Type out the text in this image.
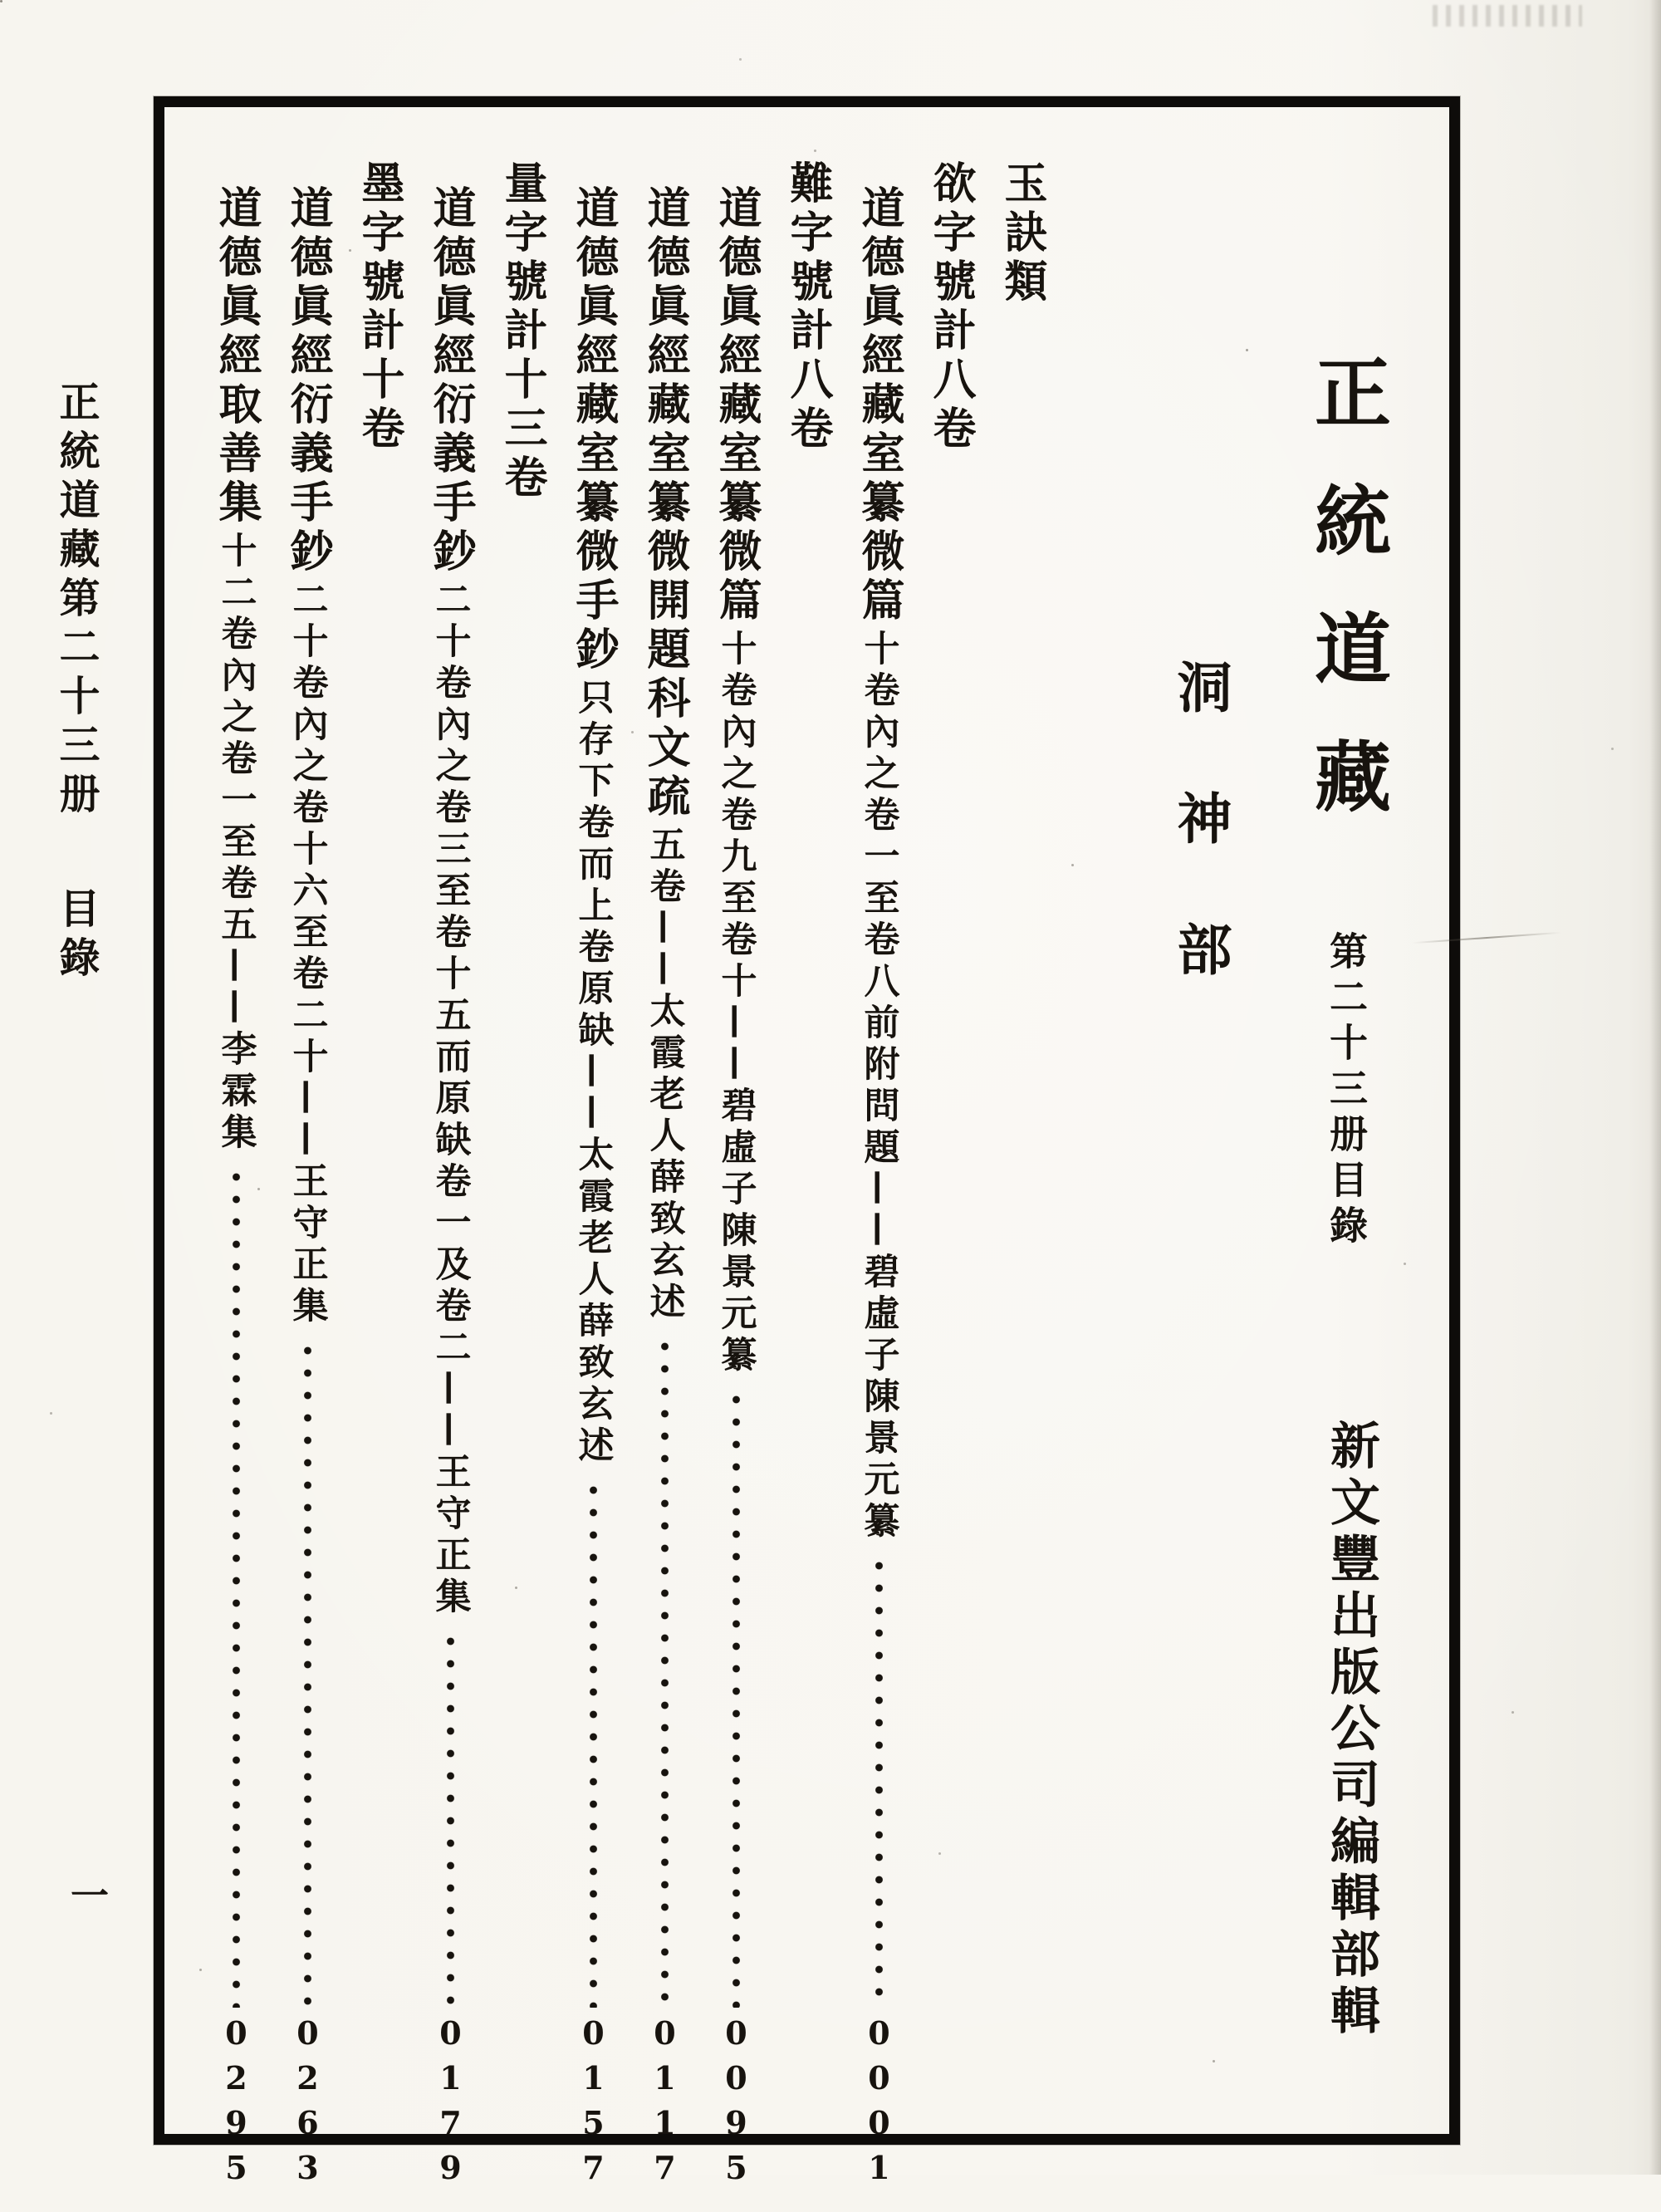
正統道藏第二十三册 目錄
一
正統道藏 第二十三册目錄
洞神部
新文豐出版公司編輯部輯
玉訣類
欲字號計八卷
道德眞經藏室纂微篇
十卷內之卷一至卷八前附問題——碧虛子陳景元纂
0001
難字號計八卷
道德眞經藏室纂微篇
十卷內之卷九至卷十——碧虛子陳景元纂
0095
道德眞經藏室纂微開題科文疏
五卷——太霞老人薛致玄述
0117
道德眞經藏室纂微手鈔
只存下卷而上卷原缺——太霞老人薛致玄述
0157
量字號計十三卷
道德眞經衍義手鈔
二十卷內之卷三至卷十五而原缺卷一及卷二——王守正集
0179
墨字號計十卷
道德眞經衍義手鈔
二十卷內之卷十六至卷二十——王守正集
0263
道德眞經取善集
十二卷內之卷一至卷五——李霖集
0295
